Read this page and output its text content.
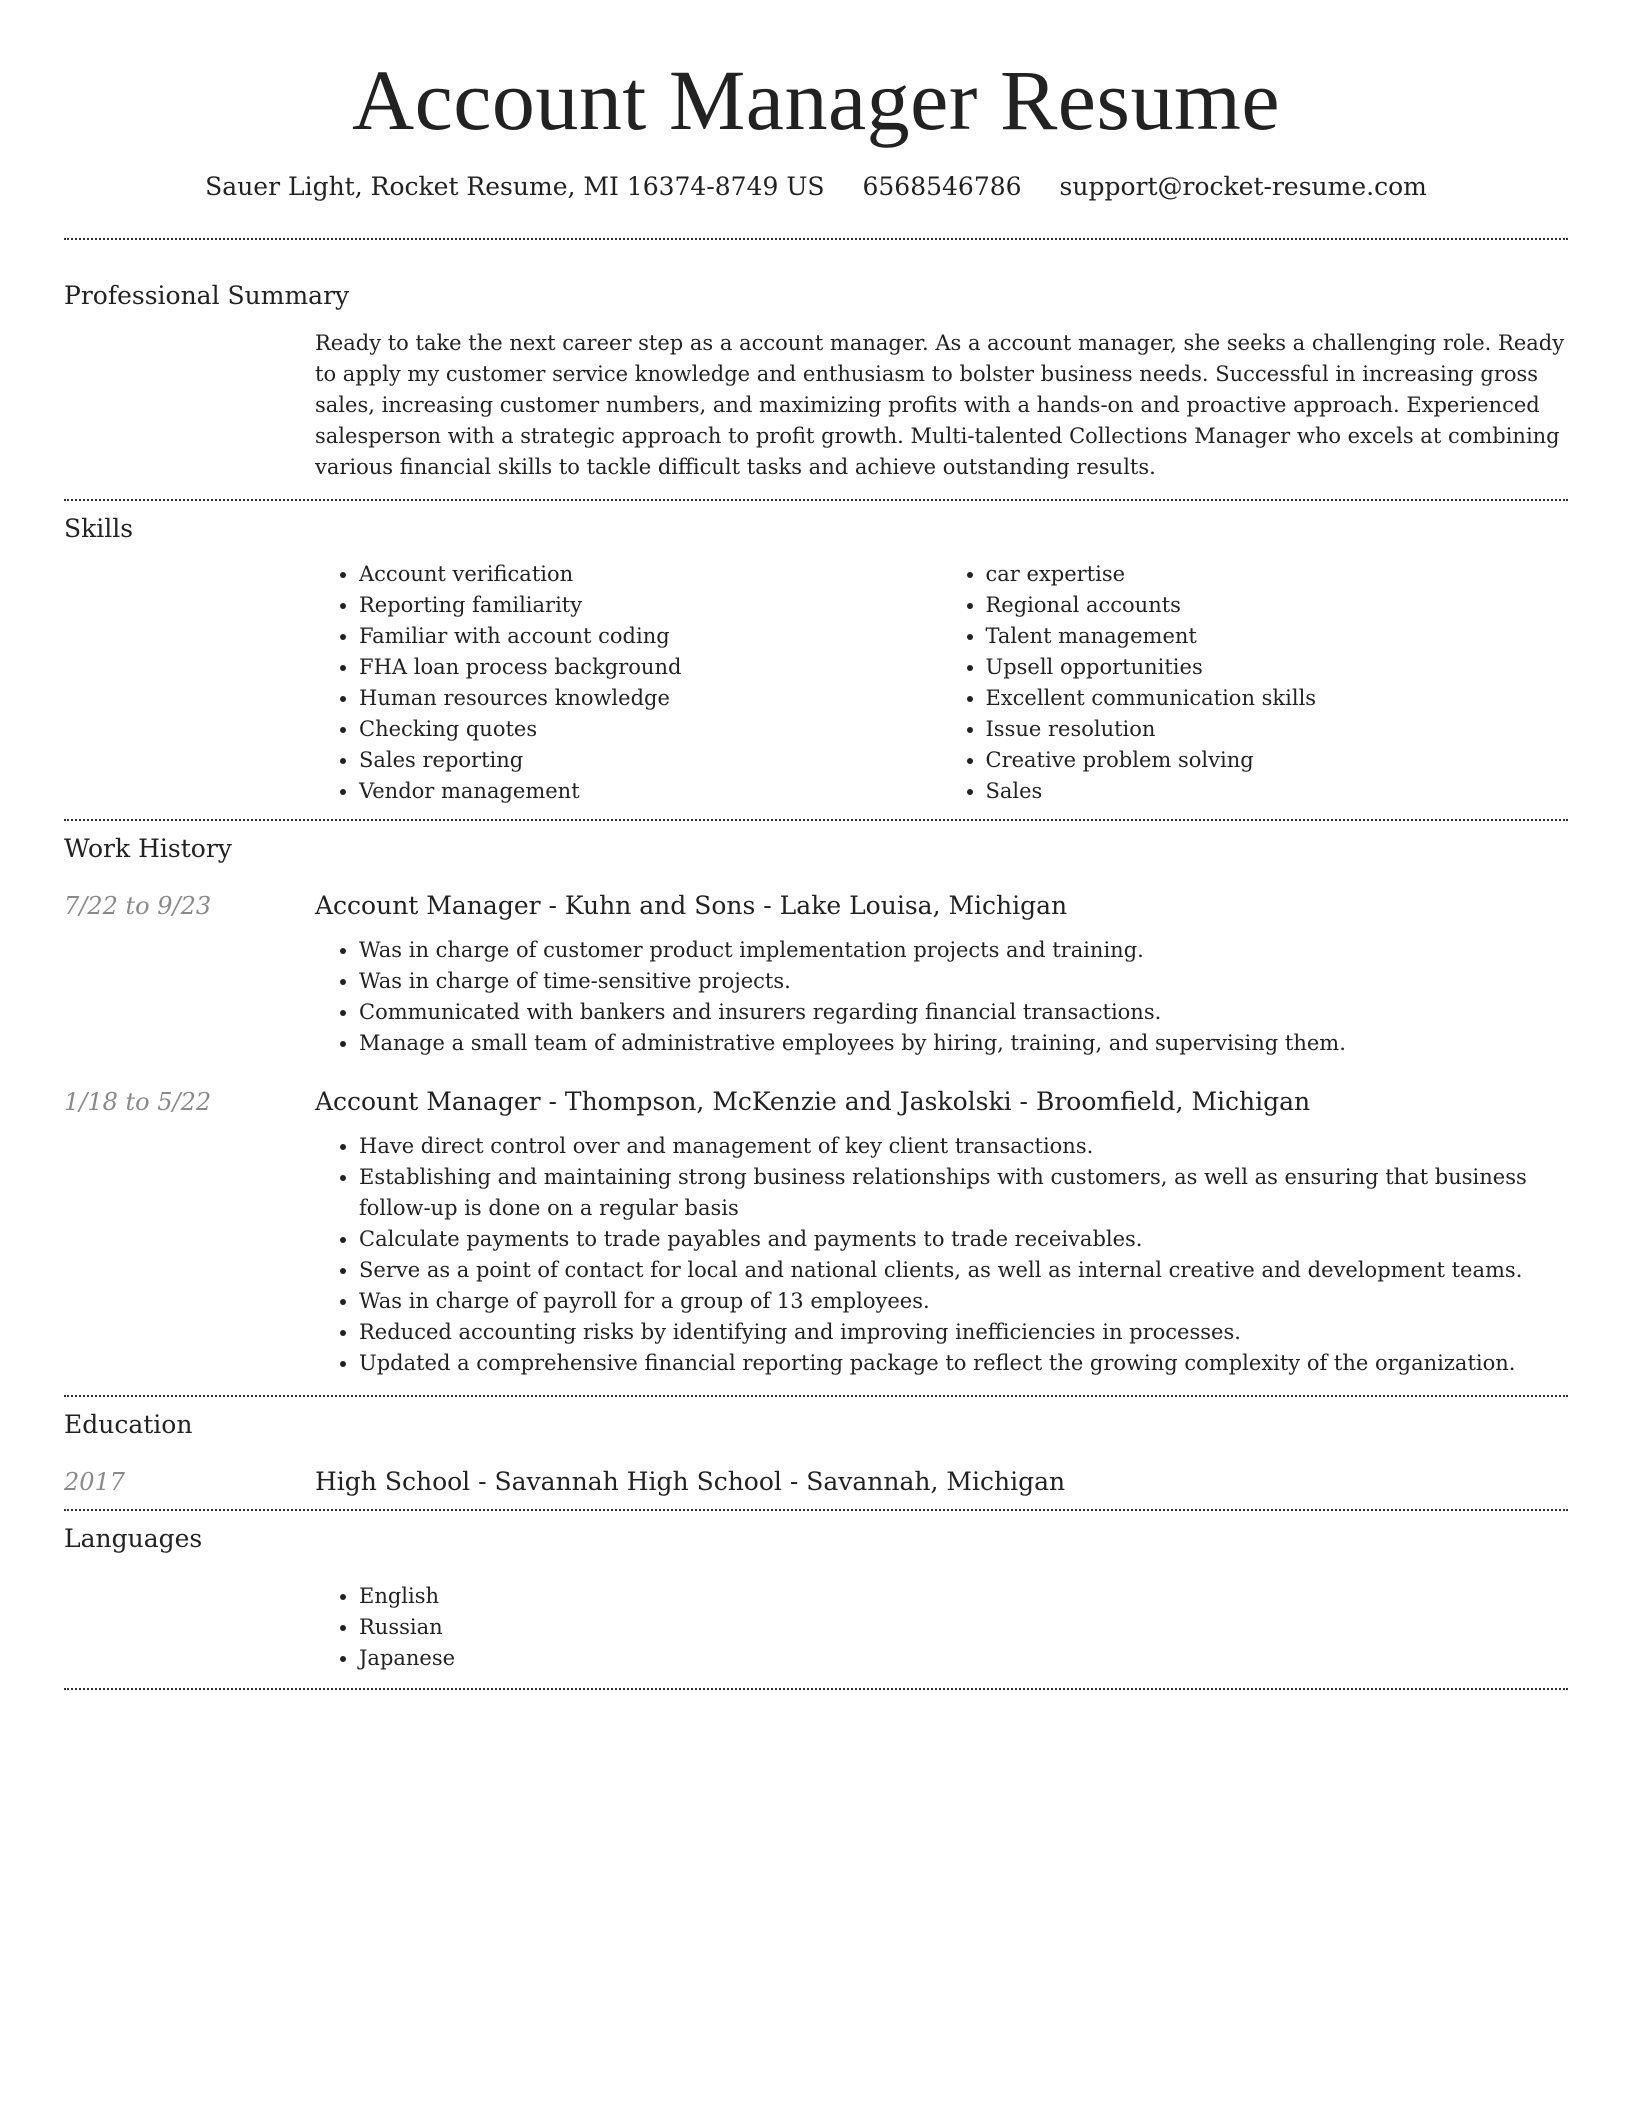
Account Manager Resume
Sauer Light, Rocket Resume, MI 16374-8749 US 6568546786 support@rocket-resume.com
Professional Summary
Ready to take the next career step as a account manager. As a account manager, she seeks a challenging role. Ready to apply my customer service knowledge and enthusiasm to bolster business needs. Successful in increasing gross sales, increasing customer numbers, and maximizing profits with a hands-on and proactive approach. Experienced salesperson with a strategic approach to profit growth. Multi-talented Collections Manager who excels at combining various financial skills to tackle difficult tasks and achieve outstanding results.
Skills
• Account verification
• Reporting familiarity
• Familiar with account coding
• FHA loan process background
• Human resources knowledge
• Checking quotes
• Sales reporting
• Vendor management
• car expertise
• Regional accounts
• Talent management
• Upsell opportunities
• Excellent communication skills
• Issue resolution
• Creative problem solving
• Sales
Work History
7/22 to 9/23	Account Manager - Kuhn and Sons - Lake Louisa, Michigan
• Was in charge of customer product implementation projects and training.
• Was in charge of time-sensitive projects.
• Communicated with bankers and insurers regarding financial transactions.
• Manage a small team of administrative employees by hiring, training, and supervising them.
1/18 to 5/22	Account Manager - Thompson, McKenzie and Jaskolski - Broomfield, Michigan
• Have direct control over and management of key client transactions.
• Establishing and maintaining strong business relationships with customers, as well as ensuring that business follow-up is done on a regular basis
• Calculate payments to trade payables and payments to trade receivables.
• Serve as a point of contact for local and national clients, as well as internal creative and development teams.
• Was in charge of payroll for a group of 13 employees.
• Reduced accounting risks by identifying and improving inefficiencies in processes.
• Updated a comprehensive financial reporting package to reflect the growing complexity of the organization.
Education
2017	High School - Savannah High School - Savannah, Michigan
Languages
• English
• Russian
• Japanese
